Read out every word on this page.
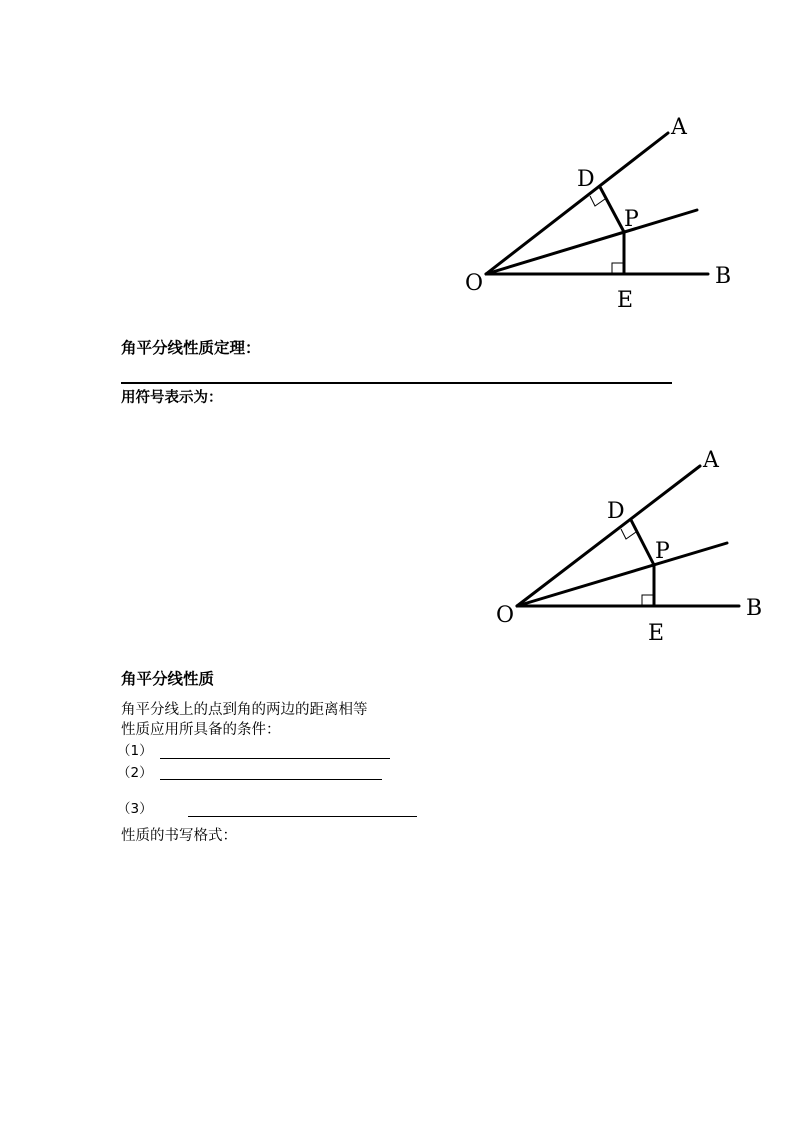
A
D
P
O
E
B
角平分线性质定理：
用符号表示为：
A
D
P
O
E
B
角平分线性质
角平分线上的点到角的两边的距离相等
性质应用所具备的条件：
（1）
（2）
（3）
性质的书写格式：
